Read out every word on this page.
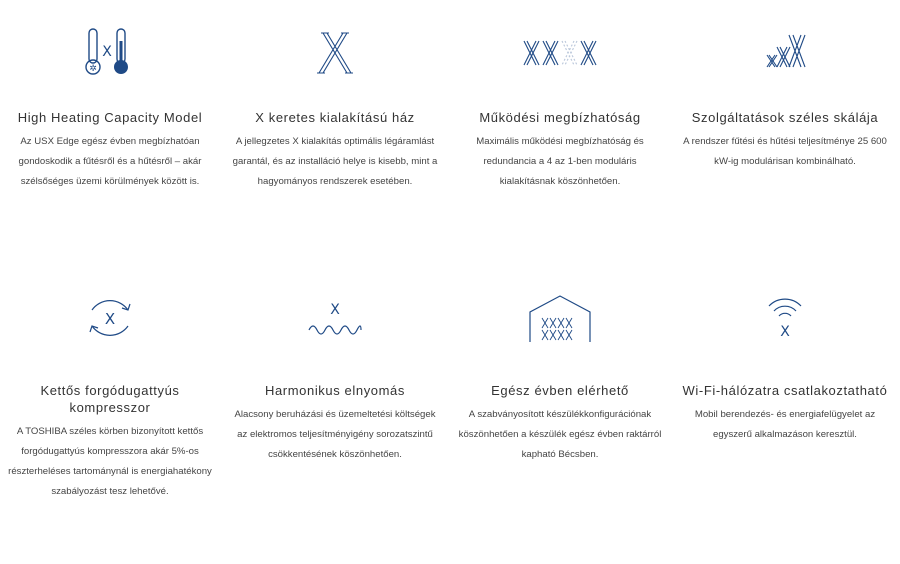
✲
X
High Heating Capacity Model
Az USX Edge egész évben megbízhatóan gondoskodik a fűtésről és a hűtésről – akár szélsőséges üzemi körülmények között is.
X keretes kialakítású ház
A jellegzetes X kialakítás optimális légáramlást garantál, és az installáció helye is kisebb, mint a hagyományos rendszerek esetében.
Működési megbízhatóság
Maximális működési megbízhatóság és redundancia a 4 az 1-ben moduláris kialakításnak köszönhetően.
Szolgáltatások széles skálája
A rendszer fűtési és hűtési teljesítménye 25 600 kW-ig modulárisan kombinálható.
X
Kettős forgódugattyús kompresszor
A TOSHIBA széles körben bizonyított kettős forgódugattyús kompresszora akár 5%-os részterheléses tartománynál is energiahatékony szabályozást tesz lehetővé.
X
Harmonikus elnyomás
Alacsony beruházási és üzemeltetési költségek az elektromos teljesítményigény sorozatszintű csökkentésének köszönhetően.
Egész évben elérhető
A szabványosított készülékkonfigurációnak köszönhetően a készülék egész évben raktárról kapható Bécsben.
X
Wi-Fi-hálózatra csatlakoztatható
Mobil berendezés- és energiafelügyelet az egyszerű alkalmazáson keresztül.
